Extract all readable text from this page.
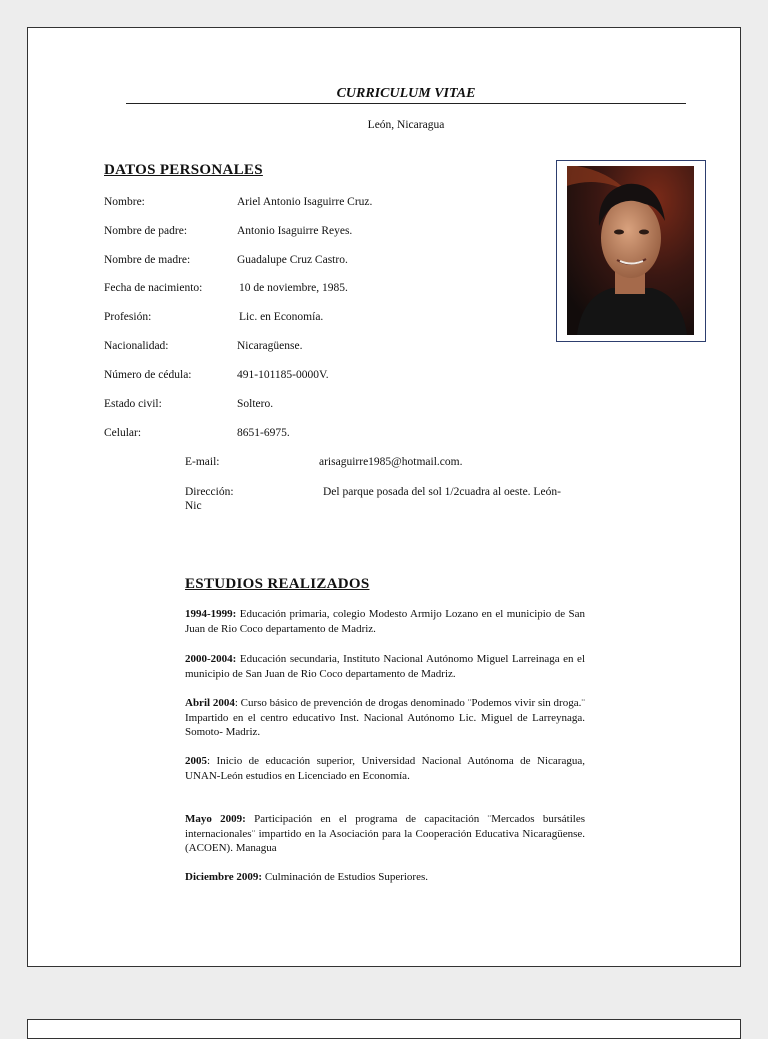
CURRICULUM VITAE
León, Nicaragua
DATOS PERSONALES
Nombre:	Ariel Antonio Isaguirre Cruz.
Nombre de padre:	Antonio Isaguirre Reyes.
Nombre de madre:	Guadalupe Cruz Castro.
Fecha de nacimiento:	10 de noviembre, 1985.
Profesión:	Lic. en Economía.
Nacionalidad:	Nicaragüense.
Número de cédula:	491-101185-0000V.
Estado civil:	Soltero.
Celular:	8651-6975.
E-mail:	arisaguirre1985@hotmail.com.
Dirección:	Del parque posada del sol 1/2cuadra al oeste. León-
Nic
ESTUDIOS REALIZADOS
1994-1999: Educación primaria, colegio Modesto Armijo Lozano en el municipio de San Juan de Rio Coco departamento de Madriz.
2000-2004: Educación secundaria, Instituto Nacional Autónomo Miguel Larreinaga en el municipio de San Juan de Rio Coco departamento de Madriz.
Abril 2004: Curso básico de prevención de drogas denominado ¨Podemos vivir sin droga.¨ Impartido en el centro educativo Inst. Nacional Autónomo Lic. Miguel de Larreynaga. Somoto- Madriz.
2005: Inicio de educación superior, Universidad Nacional Autónoma de Nicaragua, UNAN-León estudios en Licenciado en Economía.
Mayo 2009: Participación en el programa de capacitación ¨Mercados bursátiles internacionales¨ impartido en la Asociación para la Cooperación Educativa Nicaragüense. (ACOEN). Managua
Diciembre 2009: Culminación de Estudios Superiores.
